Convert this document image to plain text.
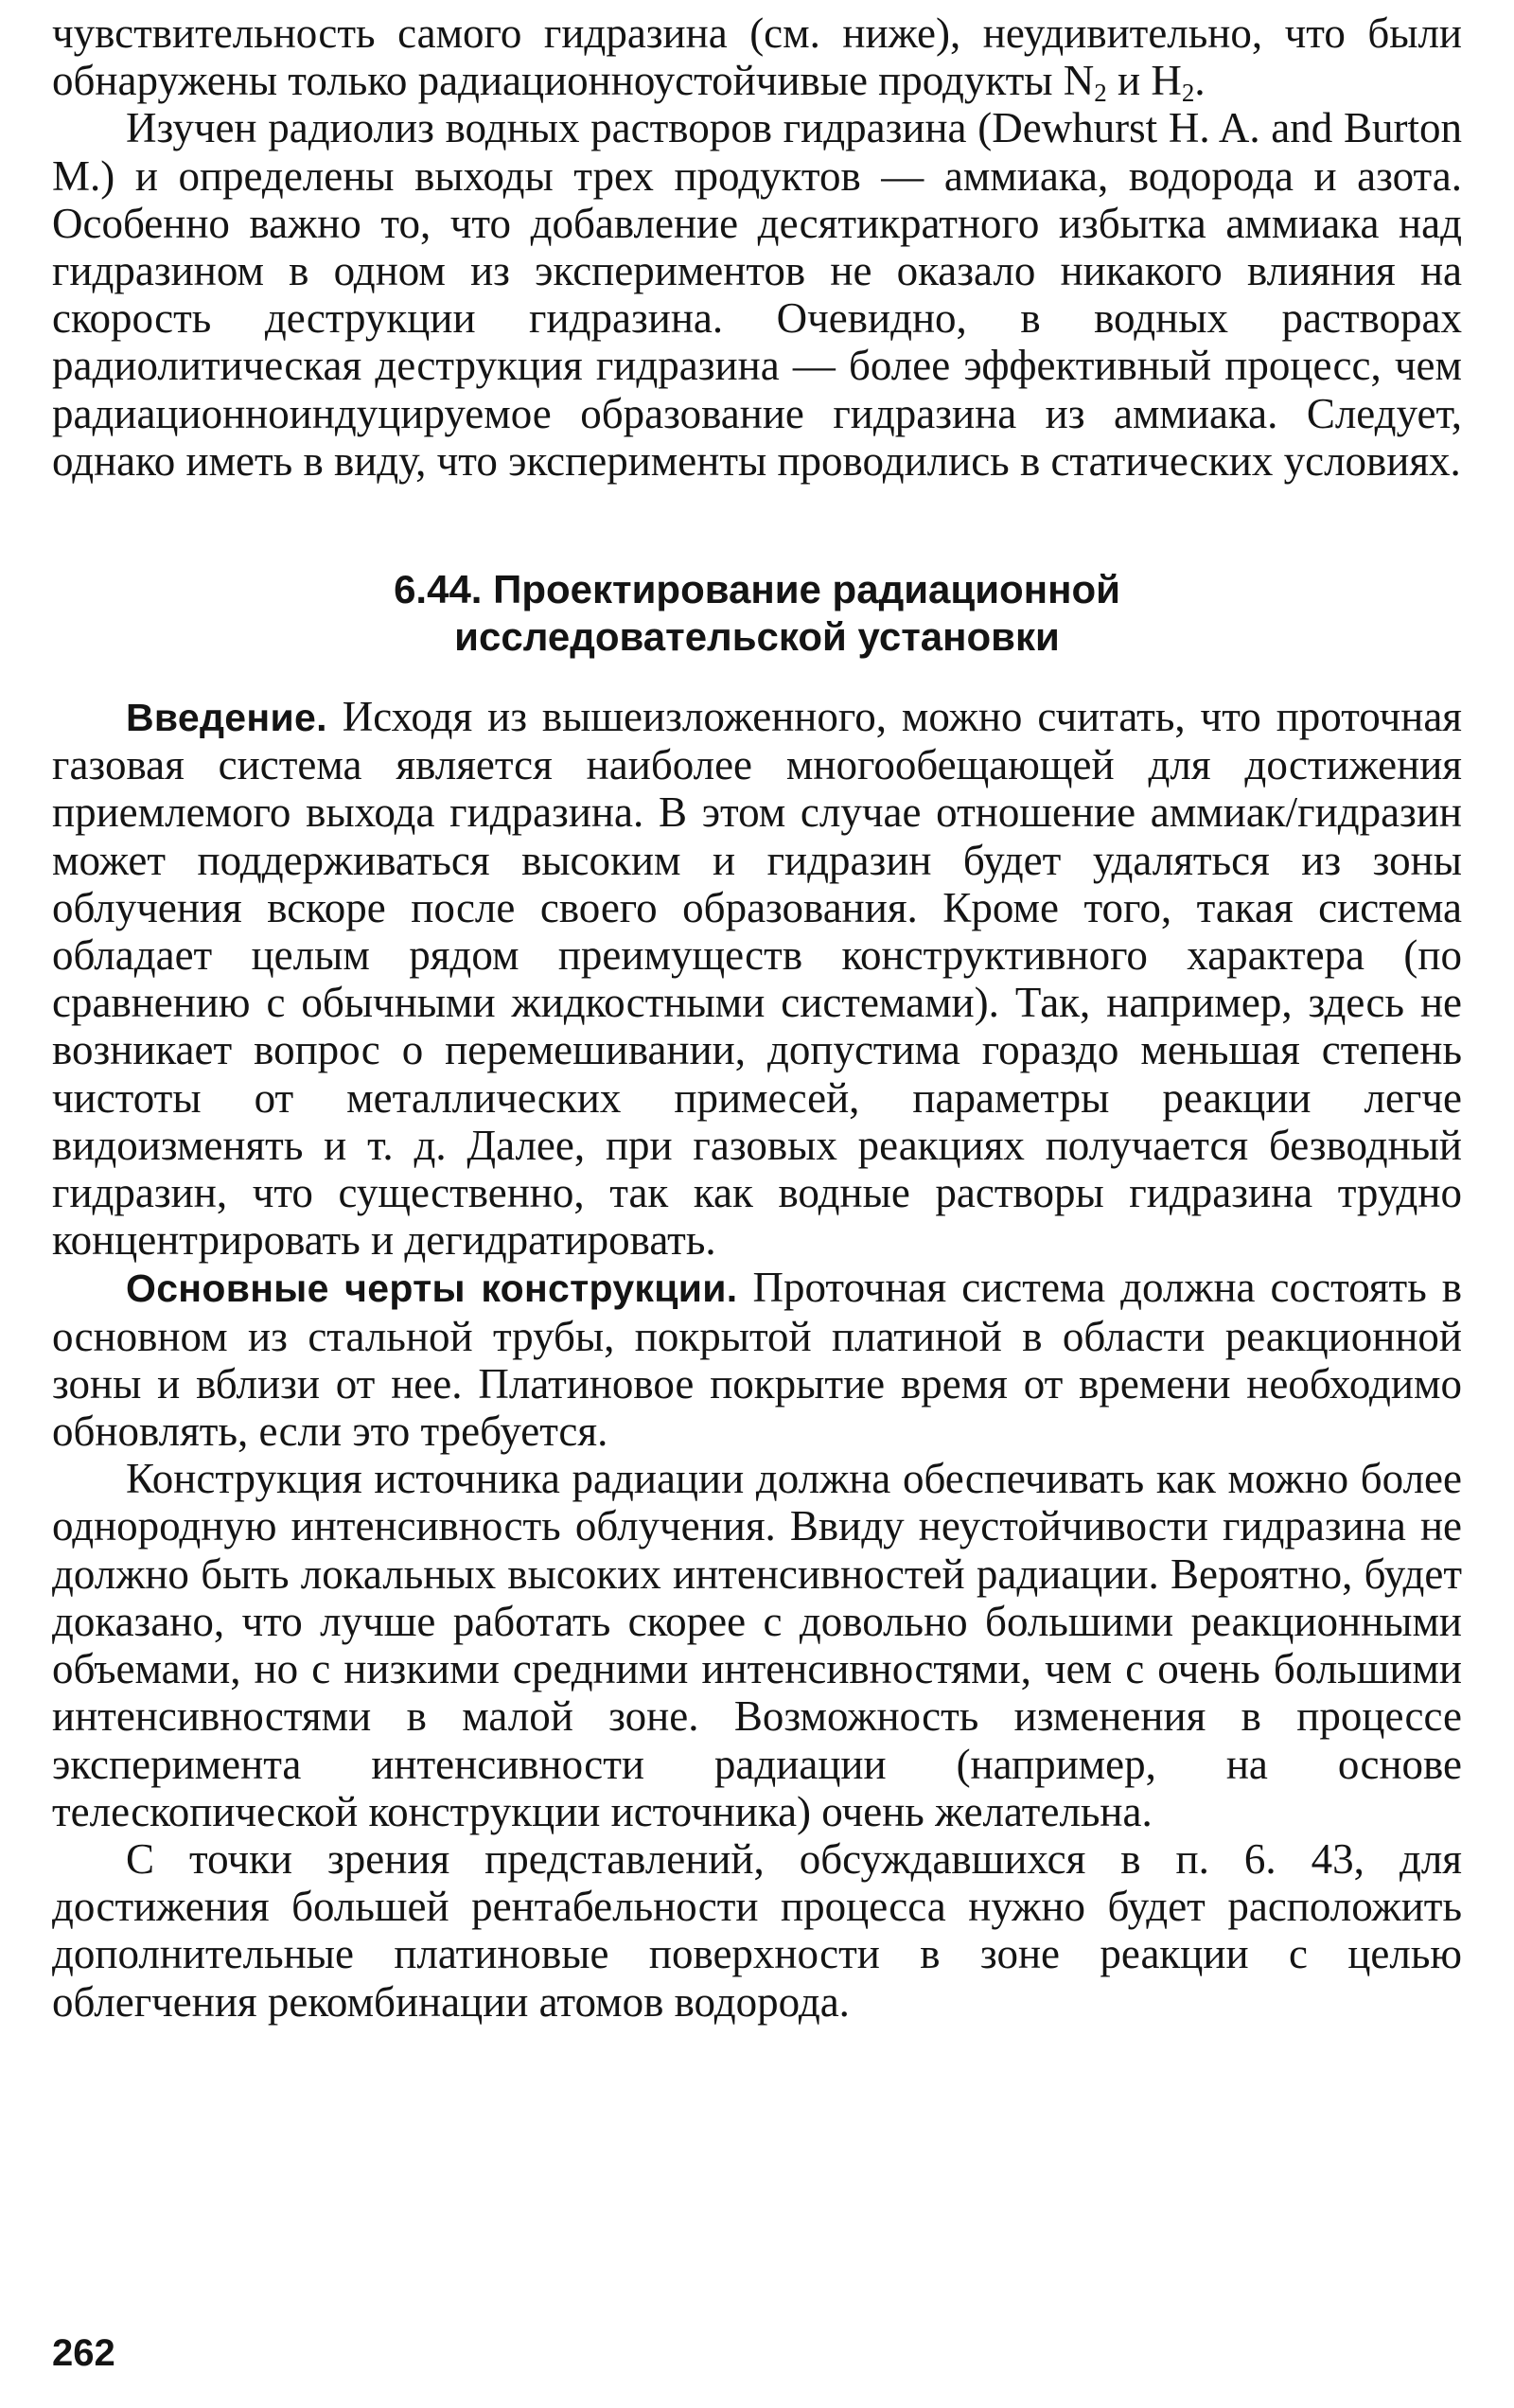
чувствительность самого гидразина (см. ниже), неудивительно, что были обнаружены только радиационноустойчивые продукты $N_2$ и $H_2$.

Изучен радиолиз водных растворов гидразина (Dewhurst H. A. and Burton M.) и определены выходы трех продуктов — аммиака, водорода и азота. Особенно важно то, что добавление десятикратного избытка аммиака над гидразином в одном из экспериментов не оказало никакого влияния на скорость деструкции гидразина. Очевидно, в водных растворах радиолитическая деструкция гидразина — более эффективный процесс, чем радиационноиндуцируемое образование гидразина из аммиака. Следует, однако иметь в виду, что эксперименты проводились в статических условиях.

6.44. Проектирование радиационной
исследовательской установки

Введение. Исходя из вышеизложенного, можно считать, что проточная газовая система является наиболее многообещающей для достижения приемлемого выхода гидразина. В этом случае отношение аммиак/гидразин может поддерживаться высоким и гидразин будет удаляться из зоны облучения вскоре после своего образования. Кроме того, такая система обладает целым рядом преимуществ конструктивного характера (по сравнению с обычными жидкостными системами). Так, например, здесь не возникает вопрос о перемешивании, допустима гораздо меньшая степень чистоты от металлических примесей, параметры реакции легче видоизменять и т. д. Далее, при газовых реакциях получается безводный гидразин, что существенно, так как водные растворы гидразина трудно концентрировать и дегидратировать.

Основные черты конструкции. Проточная система должна состоять в основном из стальной трубы, покрытой платиной в области реакционной зоны и вблизи от нее. Платиновое покрытие время от времени необходимо обновлять, если это требуется.

Конструкция источника радиации должна обеспечивать как можно более однородную интенсивность облучения. Ввиду неустойчивости гидразина не должно быть локальных высоких интенсивностей радиации. Вероятно, будет доказано, что лучше работать скорее с довольно большими реакционными объемами, но с низкими средними интенсивностями, чем с очень большими интенсивностями в малой зоне. Возможность изменения в процессе эксперимента интенсивности радиации (например, на основе телескопической конструкции источника) очень желательна.

С точки зрения представлений, обсуждавшихся в п. 6. 43, для достижения большей рентабельности процесса нужно будет расположить дополнительные платиновые поверхности в зоне реакции с целью облегчения рекомбинации атомов водорода.

262
